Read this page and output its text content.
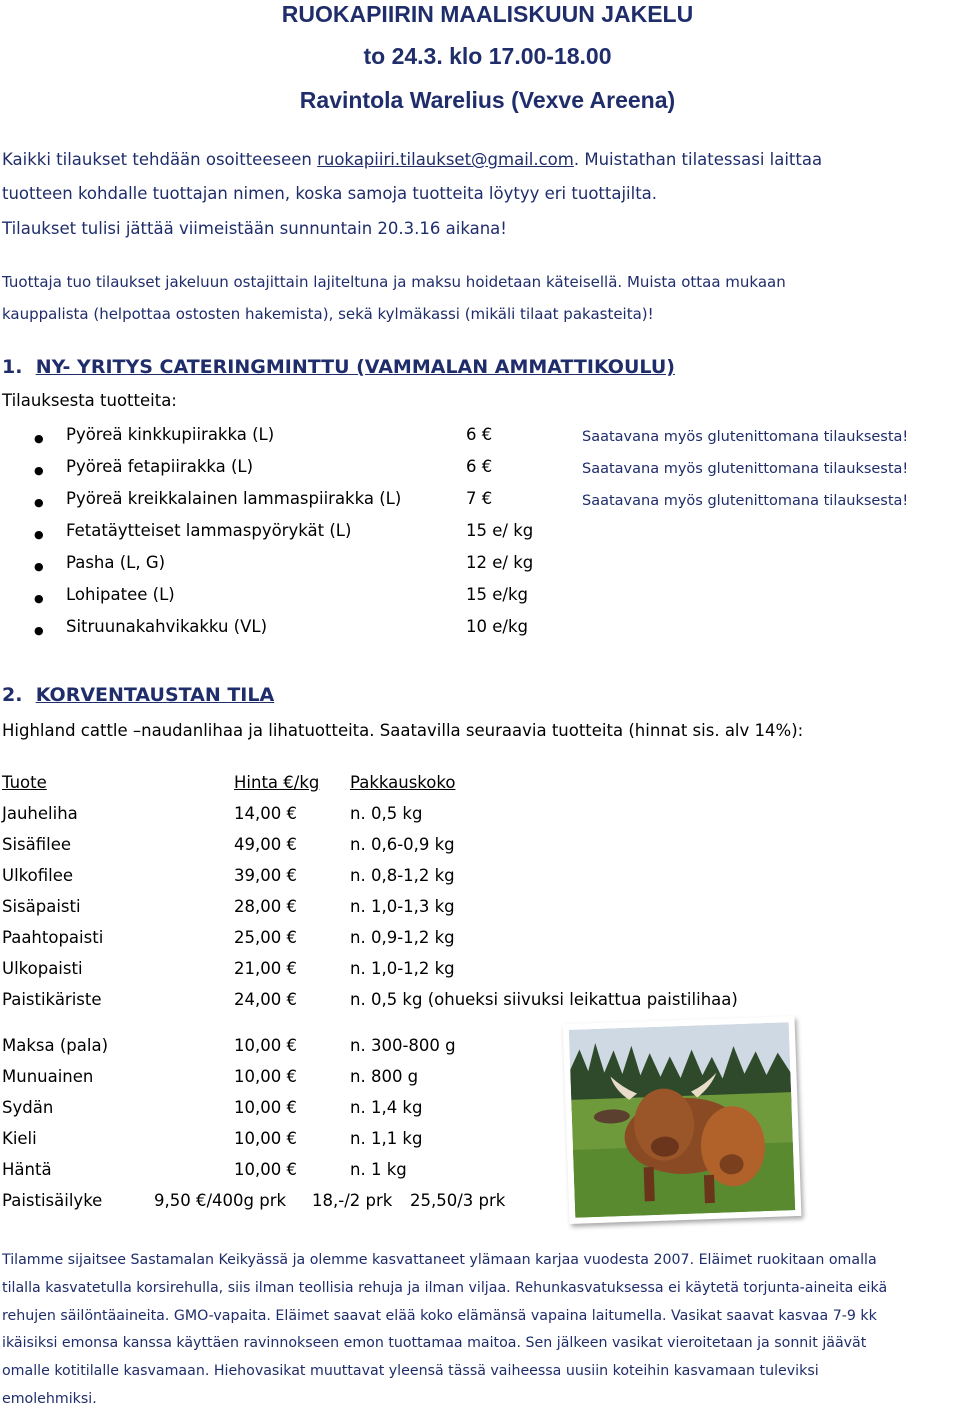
RUOKAPIIRIN MAALISKUUN JAKELU
to 24.3. klo 17.00-18.00
Ravintola Warelius (Vexve Areena)

Kaikki tilaukset tehdään osoitteeseen ruokapiiri.tilaukset@gmail.com. Muistathan tilatessasi laittaa

tuotteen kohdalle tuottajan nimen, koska samoja tuotteita löytyy eri tuottajilta.

Tilaukset tulisi jättää viimeistään sunnuntain 20.3.16 aikana!

Tuottaja tuo tilaukset jakeluun ostajittain lajiteltuna ja maksu hoidetaan käteisellä. Muista ottaa mukaan

kauppalista (helpottaa ostosten hakemista), sekä kylmäkassi (mikäli tilaat pakasteita)!

1. NY- YRITYS CATERINGMINTTU (VAMMALAN AMMATTIKOULU)

Tilauksesta tuotteita:

● Pyöreä kinkkupiirakka (L)	6 €	Saatavana myös glutenittomana tilauksesta!
● Pyöreä fetapiirakka (L)	6 €	Saatavana myös glutenittomana tilauksesta!
● Pyöreä kreikkalainen lammaspiirakka (L)	7 €	Saatavana myös glutenittomana tilauksesta!
● Fetatäytteiset lammaspyörykät (L)	15 e/ kg
● Pasha (L, G)	12 e/ kg
● Lohipatee (L)	15 e/kg
● Sitruunakahvikakku (VL)	10 e/kg

2. KORVENTAUSTAN TILA

Highland cattle –naudanlihaa ja lihatuotteita. Saatavilla seuraavia tuotteita (hinnat sis. alv 14%):

Tuote	Hinta €/kg Pakkauskoko
Jauheliha	14,00 €	n. 0,5 kg
Sisäfilee	49,00 €	n. 0,6-0,9 kg
Ulkofilee	39,00 €	n. 0,8-1,2 kg
Sisäpaisti	28,00 €	n. 1,0-1,3 kg
Paahtopaisti	25,00 €	n. 0,9-1,2 kg
Ulkopaisti	21,00 €	n. 1,0-1,2 kg
Paistikäriste	24,00 €	n. 0,5 kg (ohueksi siivuksi leikattua paistilihaa)
Maksa (pala)	10,00 €	n. 300-800 g
Munuainen	10,00 €	n. 800 g
Sydän	10,00 €	n. 1,4 kg
Kieli	10,00 €	n. 1,1 kg
Häntä	10,00 €	n. 1 kg
Paistisäilyke	9,50 €/400g prk 18,-/2 prk 25,50/3 prk

Tilamme sijaitsee Sastamalan Keikyässä ja olemme kasvattaneet ylämaan karjaa vuodesta 2007. Eläimet ruokitaan omalla

tilalla kasvatetulla korsirehulla, siis ilman teollisia rehuja ja ilman viljaa. Rehunkasvatuksessa ei käytetä torjunta-aineita eikä

rehujen säilöntäaineita. GMO-vapaita. Eläimet saavat elää koko elämänsä vapaina laitumella. Vasikat saavat kasvaa 7-9 kk

ikäisiksi emonsa kanssa käyttäen ravinnokseen emon tuottamaa maitoa. Sen jälkeen vasikat vieroitetaan ja sonnit jäävät

omalle kotitilalle kasvamaan. Hiehovasikat muuttavat yleensä tässä vaiheessa uusiin koteihin kasvamaan tuleviksi

emolehmiksi.
